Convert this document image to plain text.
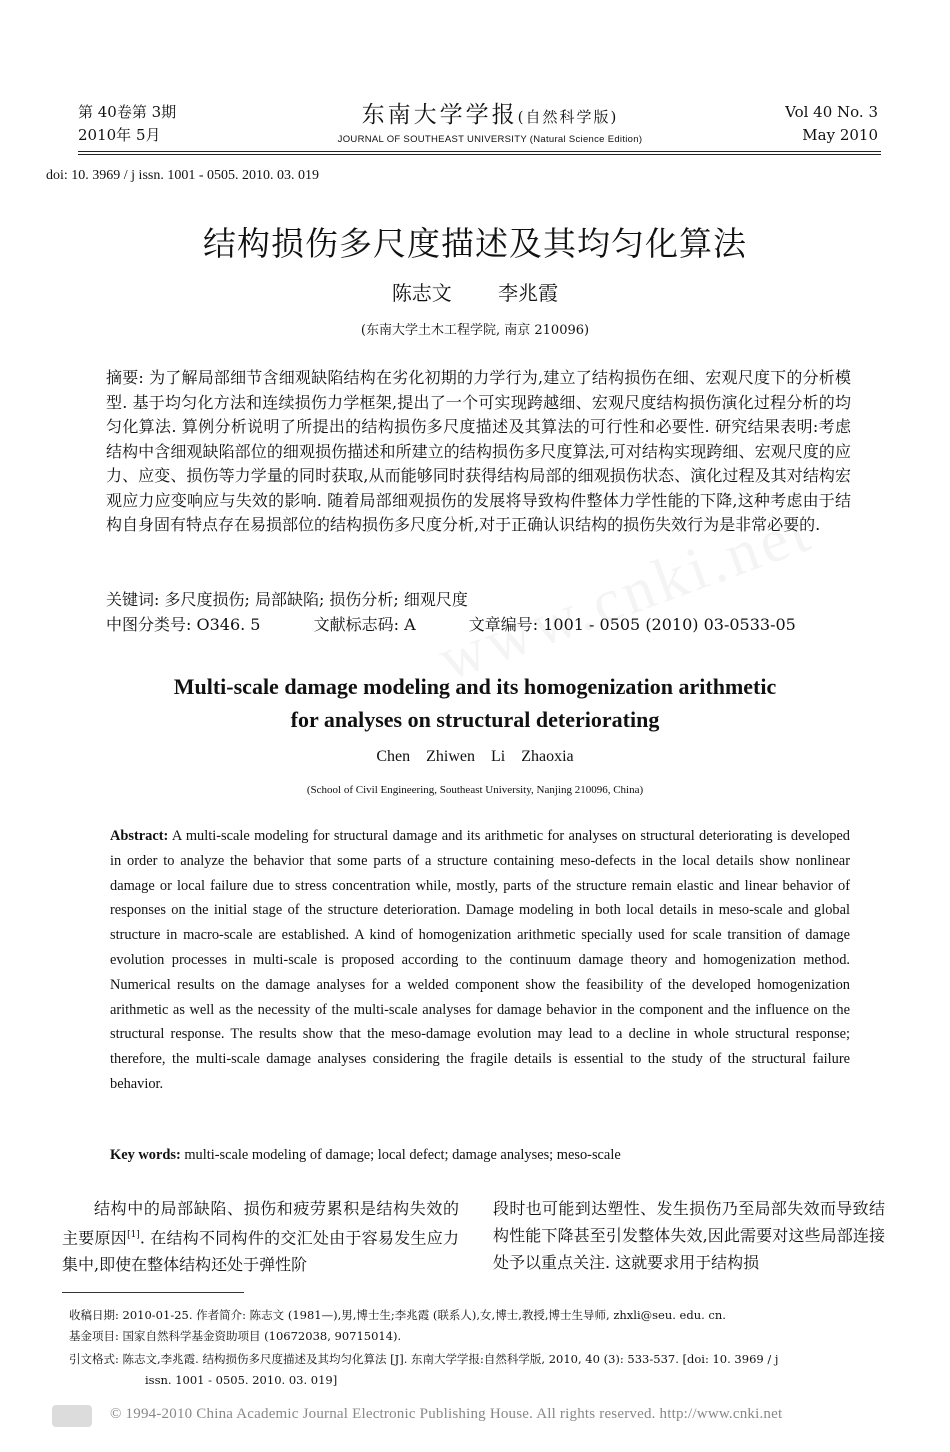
第 40卷第 3期
2010年 5月
东南大学学报(自然科学版)
JOURNAL OF SOUTHEAST UNIVERSITY (Natural Science Edition)
Vol 40 No. 3
May 2010
doi: 10. 3969 / j issn. 1001 - 0505. 2010. 03. 019
结构损伤多尺度描述及其均匀化算法
陈志文 李兆霞
(东南大学土木工程学院, 南京 210096)
摘要: 为了解局部细节含细观缺陷结构在劣化初期的力学行为,建立了结构损伤在细、宏观尺度下的分析模型. 基于均匀化方法和连续损伤力学框架,提出了一个可实现跨越细、宏观尺度结构损伤演化过程分析的均匀化算法. 算例分析说明了所提出的结构损伤多尺度描述及其算法的可行性和必要性. 研究结果表明:考虑结构中含细观缺陷部位的细观损伤描述和所建立的结构损伤多尺度算法,可对结构实现跨细、宏观尺度的应力、应变、损伤等力学量的同时获取,从而能够同时获得结构局部的细观损伤状态、演化过程及其对结构宏观应力应变响应与失效的影响. 随着局部细观损伤的发展将导致构件整体力学性能的下降,这种考虑由于结构自身固有特点存在易损部位的结构损伤多尺度分析,对于正确认识结构的损伤失效行为是非常必要的.
关键词: 多尺度损伤; 局部缺陷; 损伤分析; 细观尺度
中图分类号: O346. 5	文献标志码: A	文章编号: 1001 - 0505 (2010) 03-0533-05
Multi-scale damage modeling and its homogenization arithmetic
for analyses on structural deteriorating
Chen Zhiwen Li Zhaoxia
(School of Civil Engineering, Southeast University, Nanjing 210096, China)
Abstract: A multi-scale modeling for structural damage and its arithmetic for analyses on structural deteriorating is developed in order to analyze the behavior that some parts of a structure containing meso-defects in the local details show nonlinear damage or local failure due to stress concentration while, mostly, parts of the structure remain elastic and linear behavior of responses on the initial stage of the structure deterioration. Damage modeling in both local details in meso-scale and global structure in macro-scale are established. A kind of homogenization arithmetic specially used for scale transition of damage evolution processes in multi-scale is proposed according to the continuum damage theory and homogenization method. Numerical results on the damage analyses for a welded component show the feasibility of the developed homogenization arithmetic as well as the necessity of the multi-scale analyses for damage behavior in the component and the influence on the structural response. The results show that the meso-damage evolution may lead to a decline in whole structural response; therefore, the multi-scale damage analyses considering the fragile details is essential to the study of the structural failure behavior.
Key words: multi-scale modeling of damage; local defect; damage analyses; meso-scale
结构中的局部缺陷、损伤和疲劳累积是结构失效的主要原因[1]. 在结构不同构件的交汇处由于容易发生应力集中,即使在整体结构还处于弹性阶
段时也可能到达塑性、发生损伤乃至局部失效而导致结构性能下降甚至引发整体失效,因此需要对这些局部连接处予以重点关注. 这就要求用于结构损
收稿日期: 2010-01-25. 作者简介: 陈志文 (1981—),男,博士生;李兆霞 (联系人),女,博士,教授,博士生导师, zhxli@seu. edu. cn.
基金项目: 国家自然科学基金资助项目 (10672038, 90715014).
引文格式: 陈志文,李兆霞. 结构损伤多尺度描述及其均匀化算法 [J]. 东南大学学报:自然科学版, 2010, 40 (3): 533-537. [doi: 10. 3969 / j
issn. 1001 - 0505. 2010. 03. 019]
© 1994-2010 China Academic Journal Electronic Publishing House. All rights reserved. http://www.cnki.net
